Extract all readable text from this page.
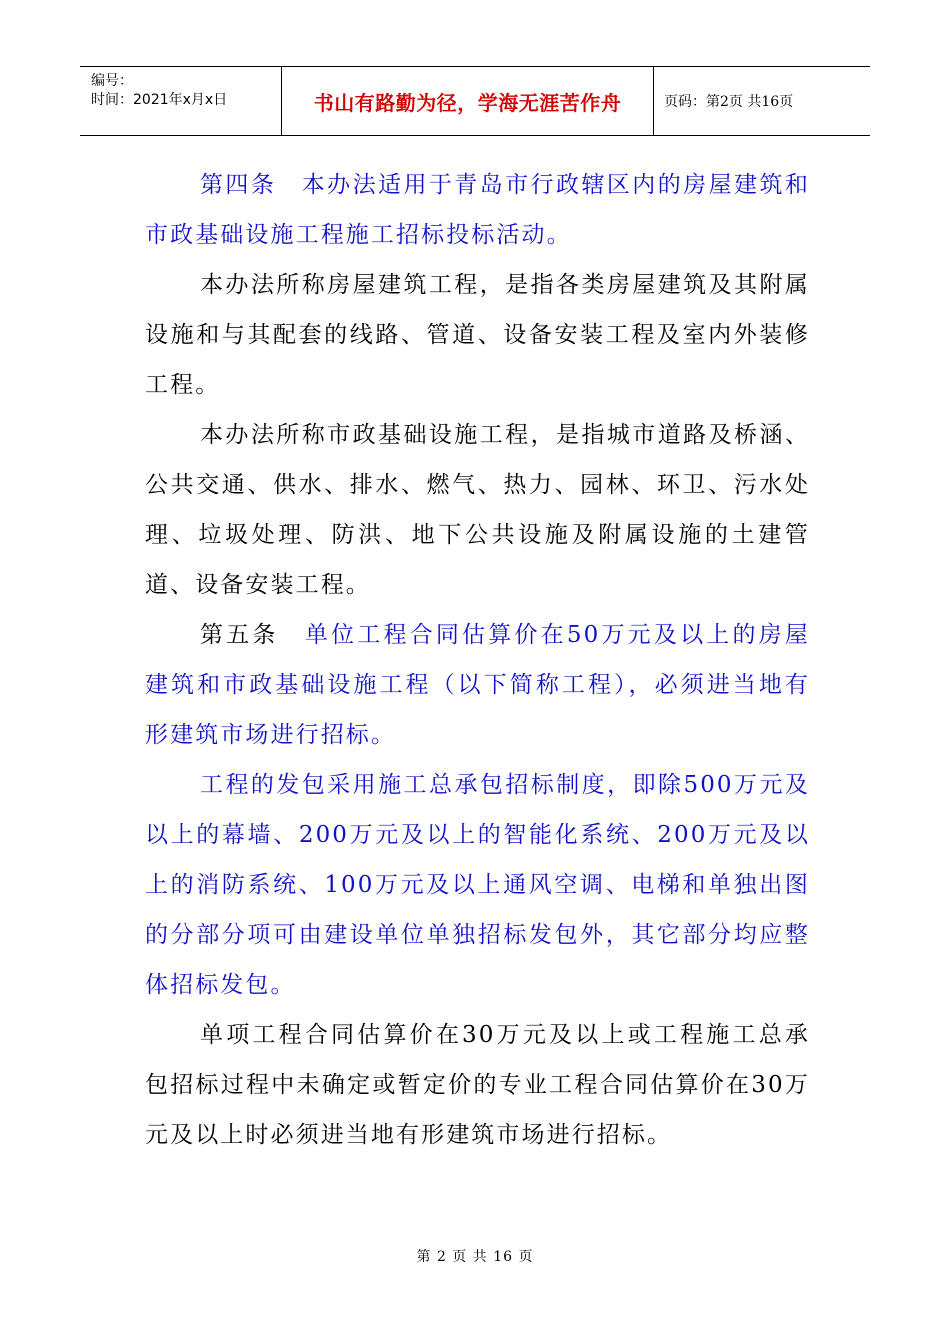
编号：
时间：2021年x月x日	书山有路勤为径，学海无涯苦作舟	页码：第2页 共16页

第四条　本办法适用于青岛市行政辖区内的房屋建筑和市政基础设施工程施工招标投标活动。

本办法所称房屋建筑工程，是指各类房屋建筑及其附属设施和与其配套的线路、管道、设备安装工程及室内外装修工程。

本办法所称市政基础设施工程，是指城市道路及桥涵、公共交通、供水、排水、燃气、热力、园林、环卫、污水处理、垃圾处理、防洪、地下公共设施及附属设施的土建管道、设备安装工程。

第五条　单位工程合同估算价在50万元及以上的房屋建筑和市政基础设施工程（以下简称工程），必须进当地有形建筑市场进行招标。

工程的发包采用施工总承包招标制度，即除500万元及以上的幕墙、200万元及以上的智能化系统、200万元及以上的消防系统、100万元及以上通风空调、电梯和单独出图的分部分项可由建设单位单独招标发包外，其它部分均应整体招标发包。

单项工程合同估算价在30万元及以上或工程施工总承包招标过程中未确定或暂定价的专业工程合同估算价在30万元及以上时必须进当地有形建筑市场进行招标。

第 2 页 共 16 页
